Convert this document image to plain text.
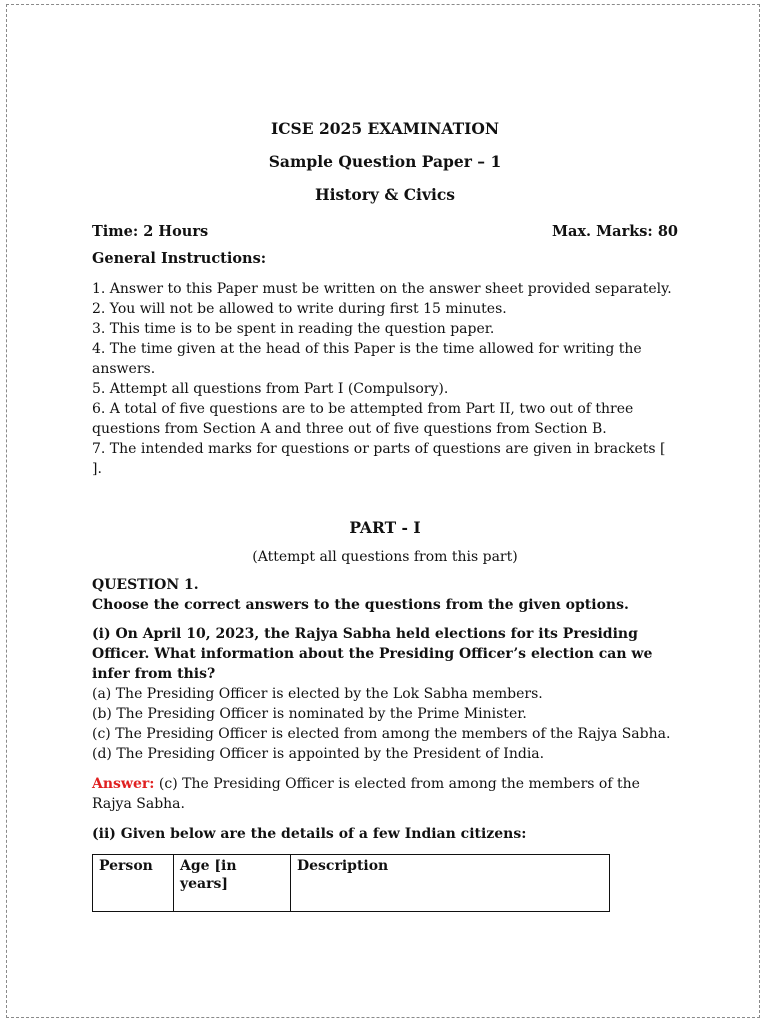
ICSE 2025 EXAMINATION
Sample Question Paper – 1
History & Civics
Time: 2 Hours	Max. Marks: 80
General Instructions:
1. Answer to this Paper must be written on the answer sheet provided separately.
2. You will not be allowed to write during first 15 minutes.
3. This time is to be spent in reading the question paper.
4. The time given at the head of this Paper is the time allowed for writing the answers.
5. Attempt all questions from Part I (Compulsory).
6. A total of five questions are to be attempted from Part II, two out of three questions from Section A and three out of five questions from Section B.
7. The intended marks for questions or parts of questions are given in brackets [ ].
PART - I
(Attempt all questions from this part)
QUESTION 1.
Choose the correct answers to the questions from the given options.
(i) On April 10, 2023, the Rajya Sabha held elections for its Presiding Officer. What information about the Presiding Officer’s election can we infer from this?
(a) The Presiding Officer is elected by the Lok Sabha members.
(b) The Presiding Officer is nominated by the Prime Minister.
(c) The Presiding Officer is elected from among the members of the Rajya Sabha.
(d) The Presiding Officer is appointed by the President of India.
Answer: (c) The Presiding Officer is elected from among the members of the Rajya Sabha.
(ii) Given below are the details of a few Indian citizens:
Person	Age [in years]	Description
